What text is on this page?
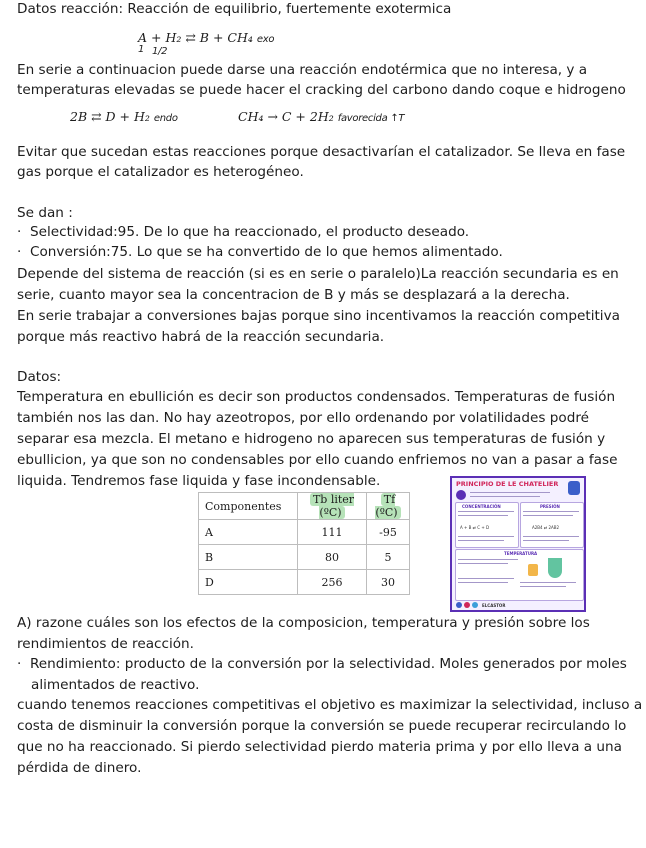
Datos reacción: Reacción de equilibrio, fuertemente exotermica
A + H₂ ⇄ B + CH₄ exo
1 1/2
En serie a continuacion puede darse una reacción endotérmica que no interesa, y a
temperaturas elevadas se puede hacer el cracking del carbono dando coque e hidrogeno
2B ⇄ D + H₂ endo	CH₄ → C + 2H₂ favorecida ↑T
Evitar que sucedan estas reacciones porque desactivarían el catalizador. Se lleva en fase
gas porque el catalizador es heterogéneo.
Se dan :
·  Selectividad:95. De lo que ha reaccionado, el producto deseado.
·  Conversión:75. Lo que se ha convertido de lo que hemos alimentado.
Depende del sistema de reacción (si es en serie o paralelo)La reacción secundaria es en
serie, cuanto mayor sea la concentracion de B y más se desplazará a la derecha.
En serie trabajar a conversiones bajas porque sino incentivamos la reacción competitiva
porque más reactivo habrá de la reacción secundaria.
Datos:
Temperatura en ebullición es decir son productos condensados. Temperaturas de fusión
también nos las dan. No hay azeotropos, por ello ordenando por volatilidades podré
separar esa mezcla. El metano e hidrogeno no aparecen sus temperaturas de fusión y
ebullicion, ya que son no condensables por ello cuando enfriemos no van a pasar a fase
liquida. Tendremos fase liquida y fase incondensable.
Componentes	Tb liter (ºC)	Tf (ºC)
A	111	-95
B	80	5
D	256	30
PRINCIPIO DE LE CHATELIER
CONCENTRACIÓN
A + B ⇄ C + D
PRESIÓN
A2B4 ⇄ 2AB2
TEMPERATURA
ELCASTOR
A) razone cuáles son los efectos de la composicion, temperatura y presión sobre los
rendimientos de reacción.
·  Rendimiento: producto de la conversión por la selectividad. Moles generados por moles
alimentados de reactivo.
cuando tenemos reacciones competitivas el objetivo es maximizar la selectividad, incluso a
costa de disminuir la conversión porque la conversión se puede recuperar recirculando lo
que no ha reaccionado. Si pierdo selectividad pierdo materia prima y por ello lleva a una
pérdida de dinero.
